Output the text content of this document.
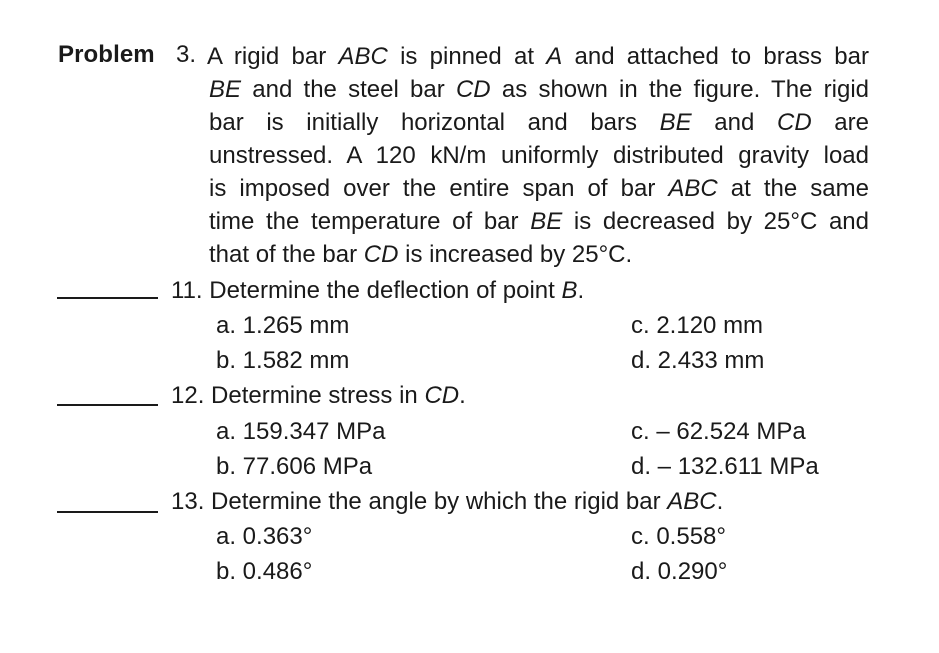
Problem 3. A rigid bar ABC is pinned at A and attached to brass bar
BE and the steel bar CD as shown in the figure. The rigid
bar is initially horizontal and bars BE and CD are
unstressed. A 120 kN/m uniformly distributed gravity load
is imposed over the entire span of bar ABC at the same
time the temperature of bar BE is decreased by 25°C and
that of the bar CD is increased by 25°C.
11. Determine the deflection of point B.
a. 1.265 mm	c. 2.120 mm
b. 1.582 mm	d. 2.433 mm
12. Determine stress in CD.
a. 159.347 MPa	c. – 62.524 MPa
b. 77.606 MPa	d. – 132.611 MPa
13. Determine the angle by which the rigid bar ABC.
a. 0.363°	c. 0.558°
b. 0.486°	d. 0.290°
